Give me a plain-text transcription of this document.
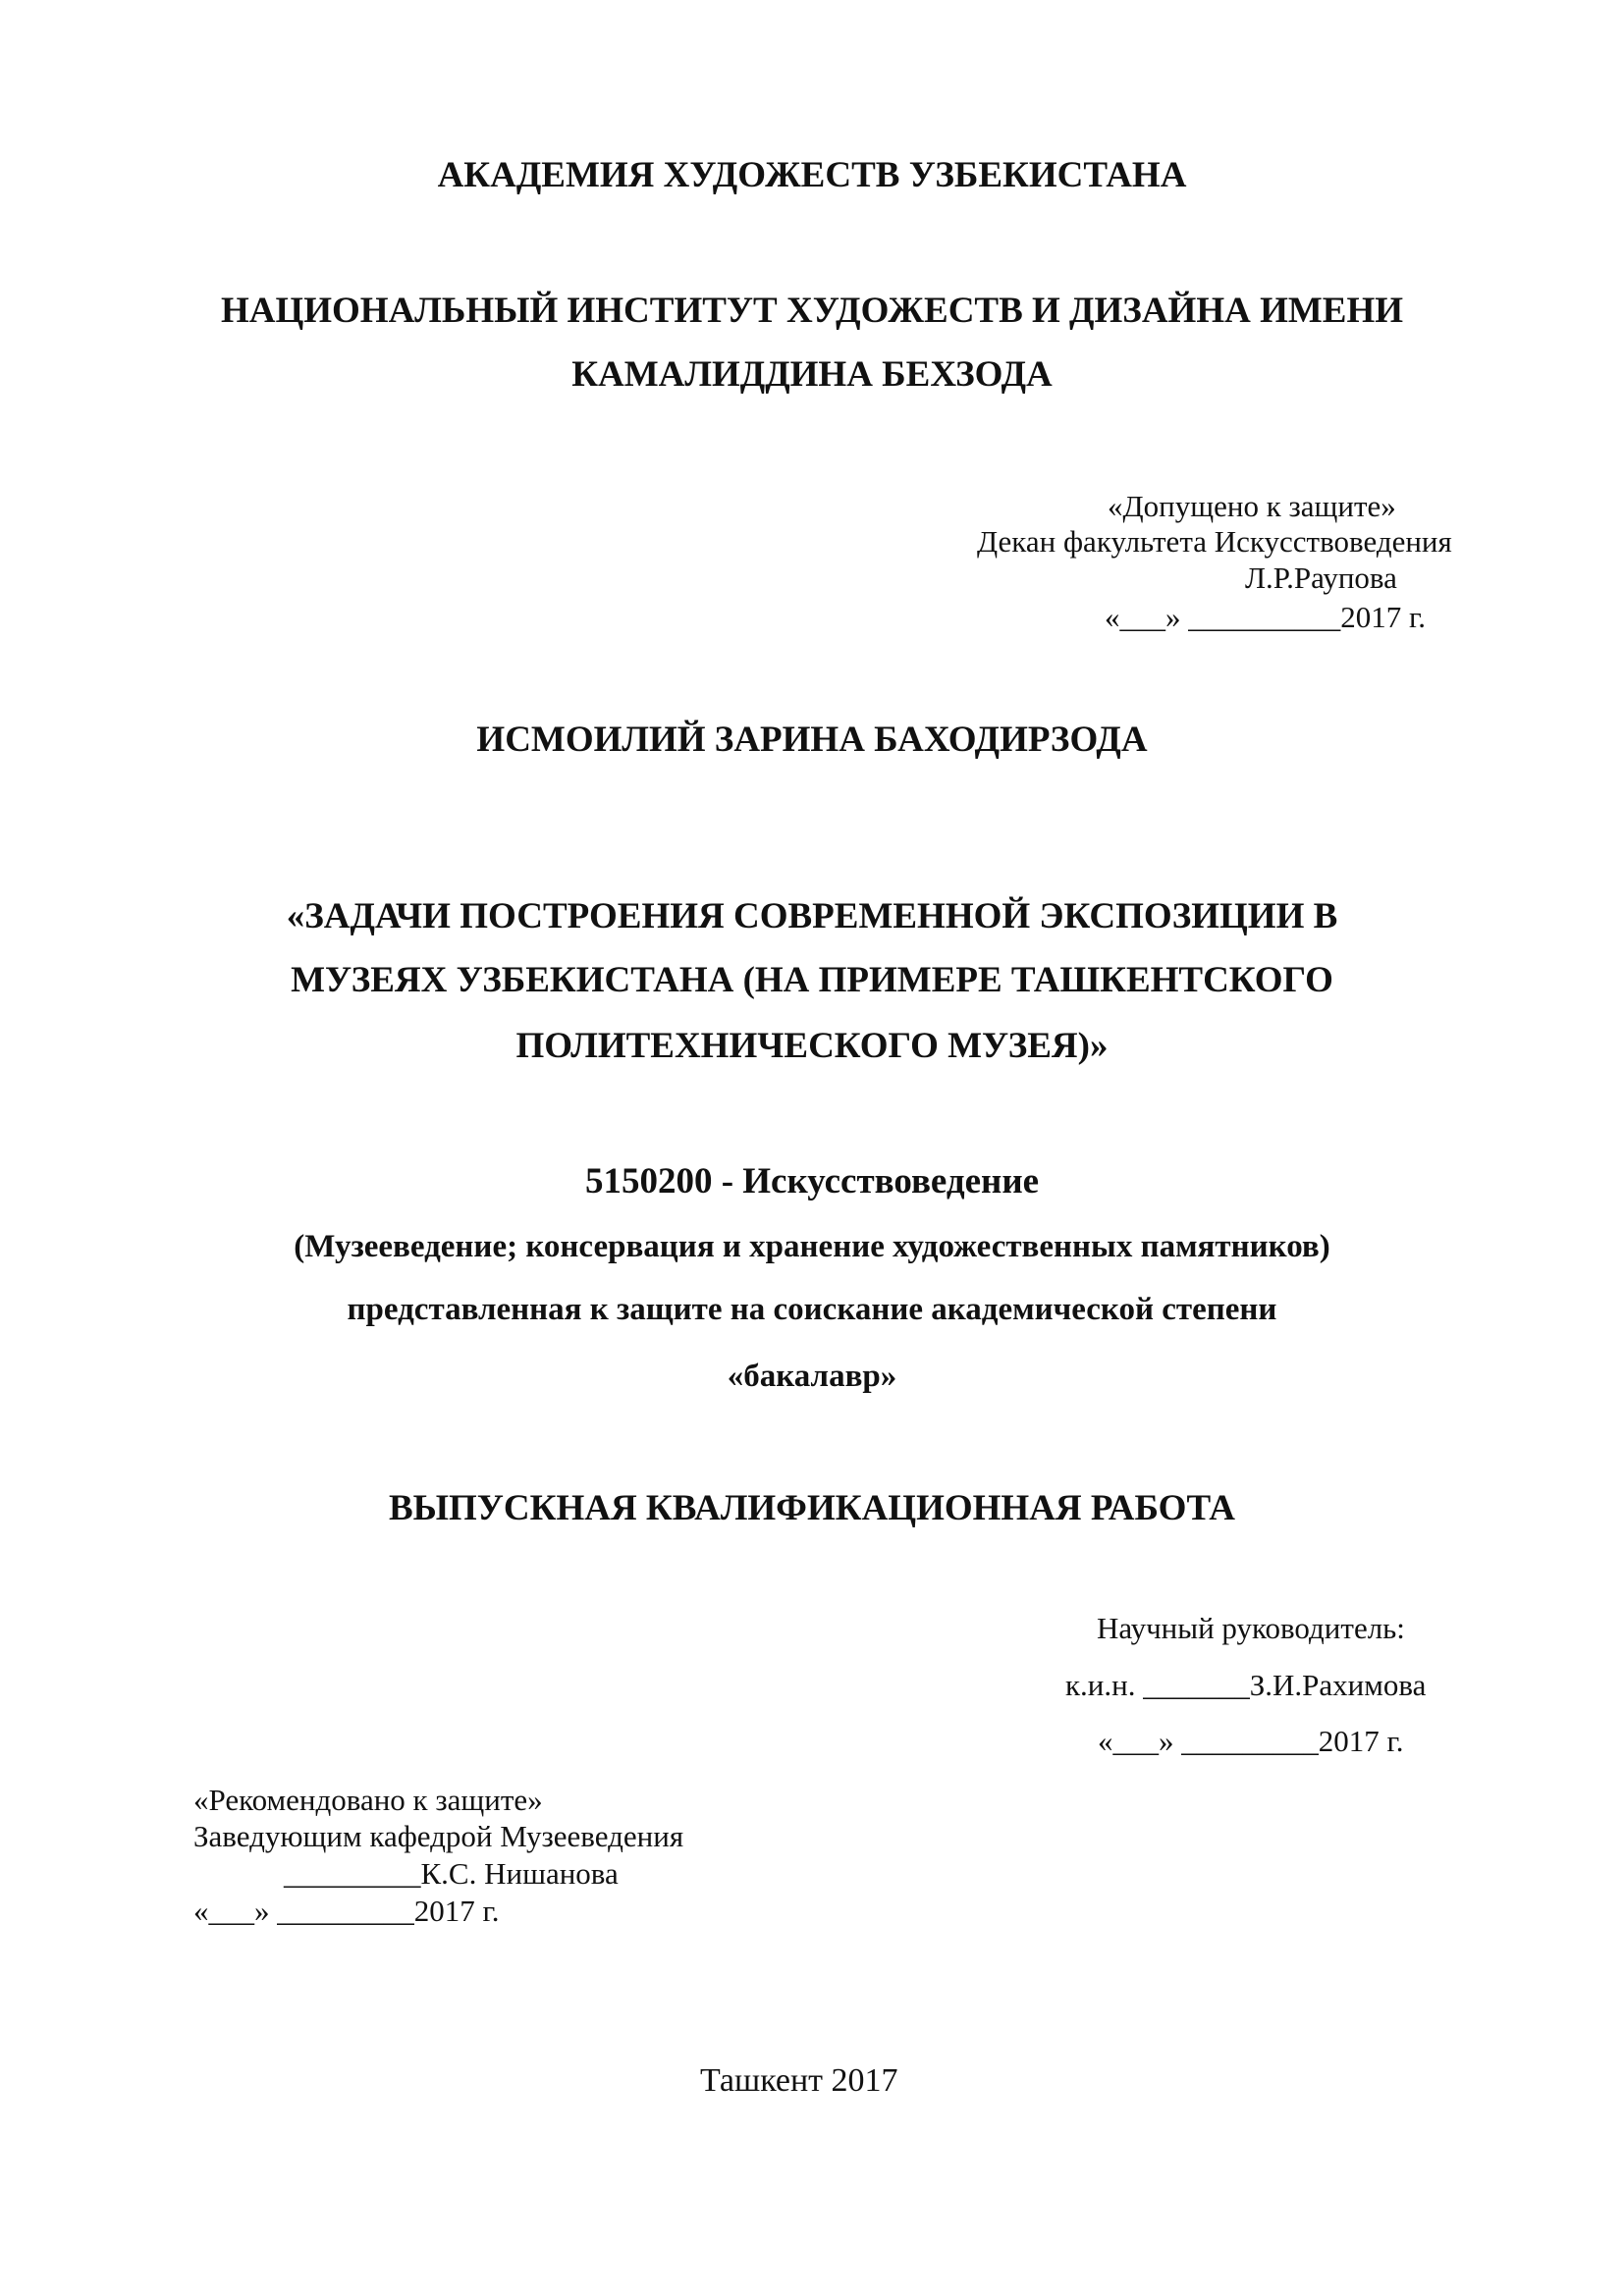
АКАДЕМИЯ ХУДОЖЕСТВ УЗБЕКИСТАНА
НАЦИОНАЛЬНЫЙ ИНСТИТУТ ХУДОЖЕСТВ И ДИЗАЙНА ИМЕНИ
КАМАЛИДДИНА БЕХЗОДА
«Допущено к защите»
Декан факультета Искусствоведения
Л.Р.Раупова
«___» __________2017 г.
ИСМОИЛИЙ ЗАРИНА БАХОДИРЗОДА
«ЗАДАЧИ ПОСТРОЕНИЯ СОВРЕМЕННОЙ ЭКСПОЗИЦИИ В
МУЗЕЯХ УЗБЕКИСТАНА (НА ПРИМЕРЕ ТАШКЕНТСКОГО
ПОЛИТЕХНИЧЕСКОГО МУЗЕЯ)»
5150200 - Искусствоведение
(Музееведение; консервация и хранение художественных памятников)
представленная к защите на соискание академической степени
«бакалавр»
ВЫПУСКНАЯ КВАЛИФИКАЦИОННАЯ РАБОТА
Научный руководитель:
к.и.н. _______З.И.Рахимова
«___» _________2017 г.
«Рекомендовано к защите»
Заведующим кафедрой Музееведения
_________К.С. Нишанова
«___» _________2017 г.
Ташкент 2017
